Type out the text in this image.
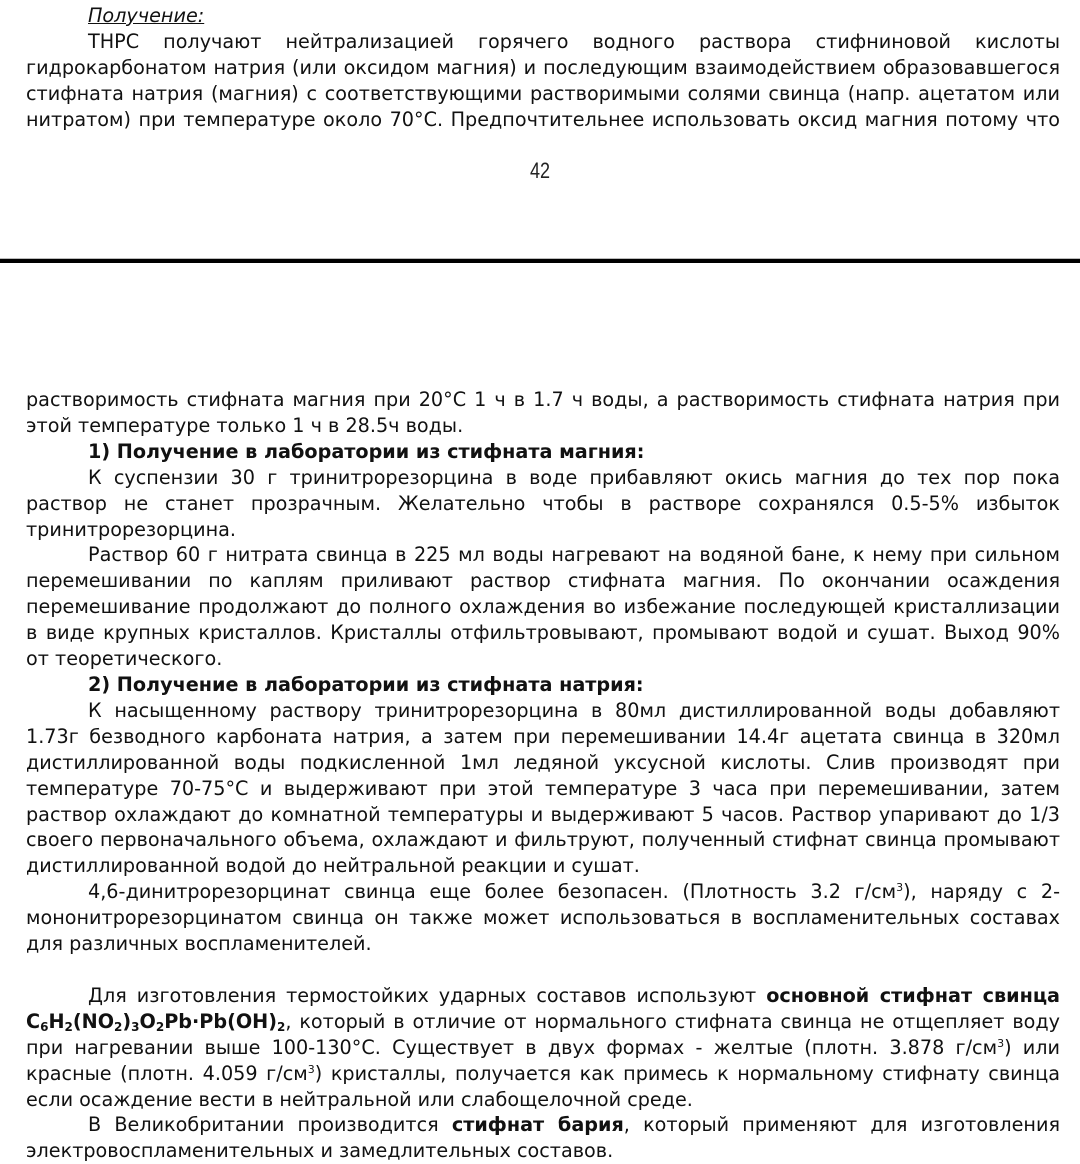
Получение:

ТНРС получают нейтрализацией горячего водного раствора стифниновой кислоты

гидрокарбонатом натрия (или оксидом магния) и последующим взаимодействием образовавшегося

стифната натрия (магния) с соответствующими растворимыми солями свинца (напр. ацетатом или

нитратом) при температуре около 70°C. Предпочтительнее использовать оксид магния потому что

42

растворимость стифната магния при 20°C 1 ч в 1.7 ч воды, а растворимость стифната натрия при этой температуре только 1 ч в 28.5ч воды.

1) Получение в лаборатории из стифната магния:

К суспензии 30 г тринитрорезорцина в воде прибавляют окись магния до тех пор пока раствор не станет прозрачным. Желательно чтобы в растворе сохранялся 0.5-5% избыток тринитрорезорцина.

Раствор 60 г нитрата свинца в 225 мл воды нагревают на водяной бане, к нему при сильном перемешивании по каплям приливают раствор стифната магния. По окончании осаждения перемешивание продолжают до полного охлаждения во избежание последующей кристаллизации в виде крупных кристаллов. Кристаллы отфильтровывают, промывают водой и сушат. Выход 90% от теоретического.

2) Получение в лаборатории из стифната натрия:

К насыщенному раствору тринитрорезорцина в 80мл дистиллированной воды добавляют 1.73г безводного карбоната натрия, а затем при перемешивании 14.4г ацетата свинца в 320мл дистиллированной воды подкисленной 1мл ледяной уксусной кислоты. Слив производят при температуре 70-75°C и выдерживают при этой температуре 3 часа при перемешивании, затем раствор охлаждают до комнатной температуры и выдерживают 5 часов. Раствор упаривают до 1/3 своего первоначального объема, охлаждают и фильтруют, полученный стифнат свинца промывают дистиллированной водой до нейтральной реакции и сушат.

4,6-динитрорезорцинат свинца еще более безопасен. (Плотность 3.2 $г/см^3$), наряду с 2-мононитрорезорцинатом свинца он также может использоваться в воспламенительных составах для различных воспламенителей.

Для изготовления термостойких ударных составов используют основной стифнат свинца $C_6H_2(NO_2)_3O_2Pb\cdot Pb(OH)_2$, который в отличие от нормального стифната свинца не отщепляет воду при нагревании выше 100-130°C. Существует в двух формах - желтые (плотн. 3.878 $г/см^3$) или красные (плотн. 4.059 $г/см^3$) кристаллы, получается как примесь к нормальному стифнату свинца если осаждение вести в нейтральной или слабощелочной среде.

В Великобритании производится стифнат бария, который применяют для изготовления электровоспламенительных и замедлительных составов.
